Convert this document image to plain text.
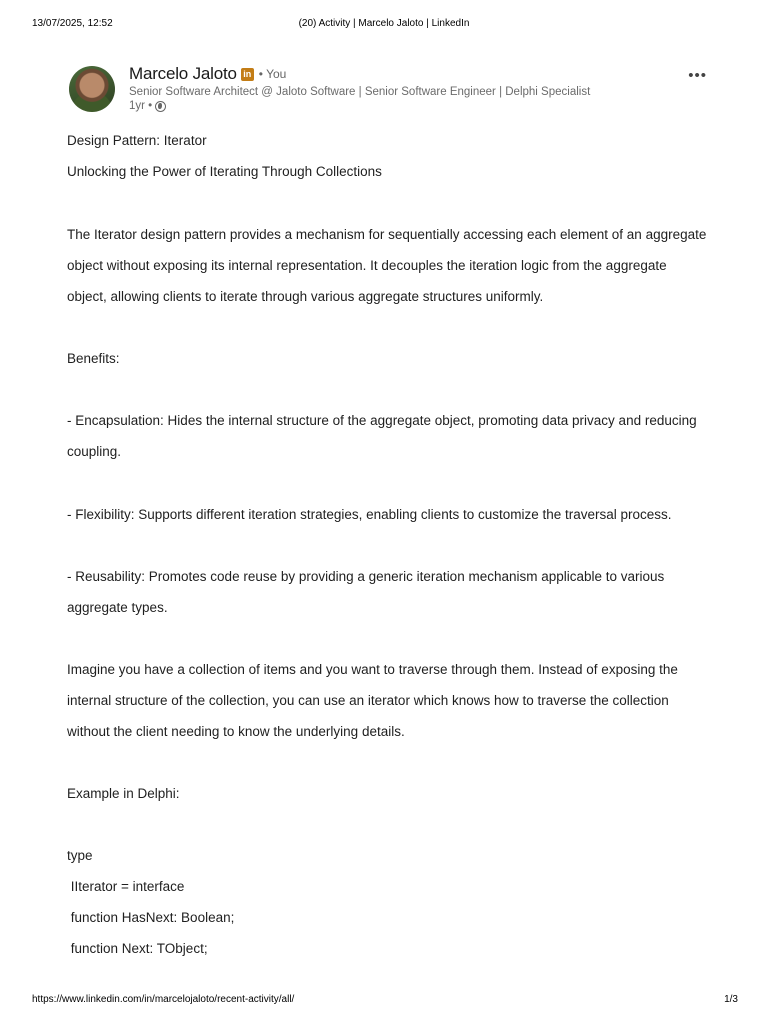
13/07/2025, 12:52	(20) Activity | Marcelo Jaloto | LinkedIn
Marcelo Jaloto in • You
Senior Software Architect @ Jaloto Software | Senior Software Engineer | Delphi Specialist
1yr •
•••
Design Pattern: Iterator
Unlocking the Power of Iterating Through Collections
The Iterator design pattern provides a mechanism for sequentially accessing each element of an aggregate
object without exposing its internal representation. It decouples the iteration logic from the aggregate
object, allowing clients to iterate through various aggregate structures uniformly.
Benefits:
- Encapsulation: Hides the internal structure of the aggregate object, promoting data privacy and reducing
coupling.
- Flexibility: Supports different iteration strategies, enabling clients to customize the traversal process.
- Reusability: Promotes code reuse by providing a generic iteration mechanism applicable to various
aggregate types.
Imagine you have a collection of items and you want to traverse through them. Instead of exposing the
internal structure of the collection, you can use an iterator which knows how to traverse the collection
without the client needing to know the underlying details.
Example in Delphi:
type
IIterator = interface
function HasNext: Boolean;
function Next: TObject;
https://www.linkedin.com/in/marcelojaloto/recent-activity/all/	1/3
